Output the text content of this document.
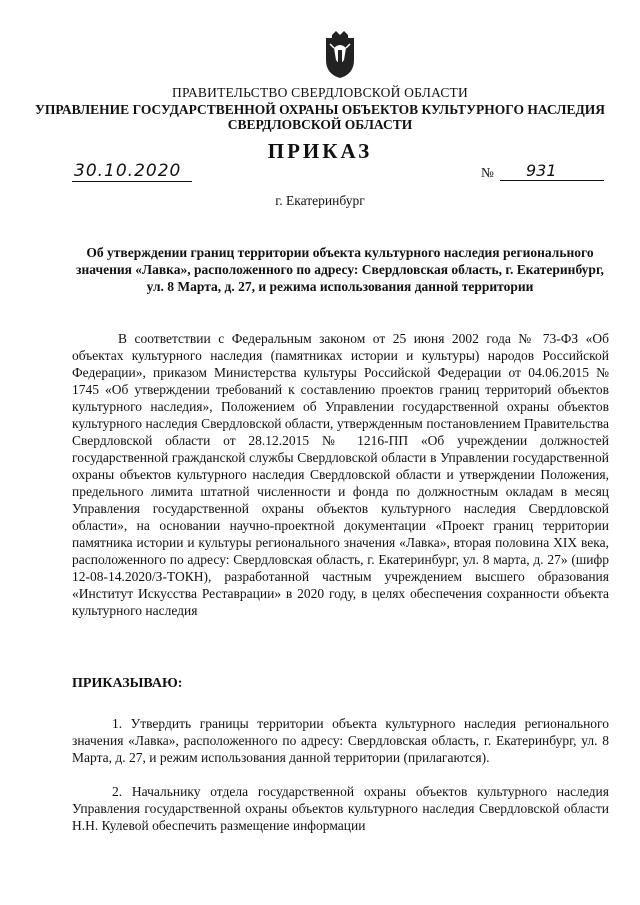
ПРАВИТЕЛЬСТВО СВЕРДЛОВСКОЙ ОБЛАСТИ
УПРАВЛЕНИЕ ГОСУДАРСТВЕННОЙ ОХРАНЫ ОБЪЕКТОВ КУЛЬТУРНОГО НАСЛЕДИЯ
СВЕРДЛОВСКОЙ ОБЛАСТИ
ПРИКАЗ
30.10.2020	№	931
г. Екатеринбург
Об утверждении границ территории объекта культурного наследия регионального значения «Лавка», расположенного по адресу: Свердловская область, г. Екатеринбург, ул. 8 Марта, д. 27, и режима использования данной территории
В соответствии с Федеральным законом от 25 июня 2002 года № 73-ФЗ «Об объектах культурного наследия (памятниках истории и культуры) народов Российской Федерации», приказом Министерства культуры Российской Федерации от 04.06.2015 № 1745 «Об утверждении требований к составлению проектов границ территорий объектов культурного наследия», Положением об Управлении государственной охраны объектов культурного наследия Свердловской области, утвержденным постановлением Правительства Свердловской области от 28.12.2015 № 1216-ПП «Об учреждении должностей государственной гражданской службы Свердловской области в Управлении государственной охраны объектов культурного наследия Свердловской области и утверждении Положения, предельного лимита штатной численности и фонда по должностным окладам в месяц Управления государственной охраны объектов культурного наследия Свердловской области», на основании научно-проектной документации «Проект границ территории памятника истории и культуры регионального значения «Лавка», вторая половина XIX века, расположенного по адресу: Свердловская область, г. Екатеринбург, ул. 8 марта, д. 27» (шифр 12-08-14.2020/З-ТОКН), разработанной частным учреждением высшего образования «Институт Искусства Реставрации» в 2020 году, в целях обеспечения сохранности объекта культурного наследия
ПРИКАЗЫВАЮ:
1. Утвердить границы территории объекта культурного наследия регионального значения «Лавка», расположенного по адресу: Свердловская область, г. Екатеринбург, ул. 8 Марта, д. 27, и режим использования данной территории (прилагаются).
2. Начальнику отдела государственной охраны объектов культурного наследия Управления государственной охраны объектов культурного наследия Свердловской области Н.Н. Кулевой обеспечить размещение информации
